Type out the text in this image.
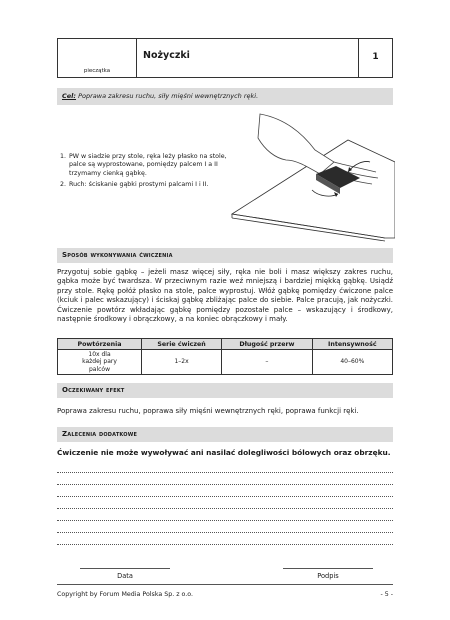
pieczątka
Nożyczki	1
Cel: Poprawa zakresu ruchu, siły mięśni wewnętrznych ręki.
1. PW w siadzie przy stole, ręka leży płasko na stole, palce są wyprostowane, pomiędzy palcem I a II trzymamy cienką gąbkę.
2. Ruch: ściskanie gąbki prostymi palcami I i II.
Sposób wykonywania ćwiczenia
Przygotuj sobie gąbkę – jeżeli masz więcej siły, ręka nie boli i masz większy zakres ruchu, gąbka może być twardsza. W przeciwnym razie weź mniejszą i bardziej miękką gąbkę. Usiądź przy stole. Rękę połóż płasko na stole, palce wyprostuj. Włóż gąbkę pomiędzy ćwiczone palce (kciuk i palec wskazujący) i ściskaj gąbkę zbliżając palce do siebie. Palce pracują, jak nożyczki. Ćwiczenie powtórz wkładając gąbkę pomiędzy pozostałe palce – wskazujący i środkowy, następnie środkowy i obrączkowy, a na koniec obrączkowy i mały.
Powtórzenia	Serie ćwiczeń	Długość przerw	Intensywność
10x dla każdej pary palców	1–2x	–	40–60%
Oczekiwany efekt
Poprawa zakresu ruchu, poprawa siły mięśni wewnętrznych ręki, poprawa funkcji ręki.
Zalecenia dodatkowe
Ćwiczenie nie może wywoływać ani nasilać dolegliwości bólowych oraz obrzęku.
Data	Podpis
Copyright by Forum Media Polska Sp. z o.o.	- 5 -
